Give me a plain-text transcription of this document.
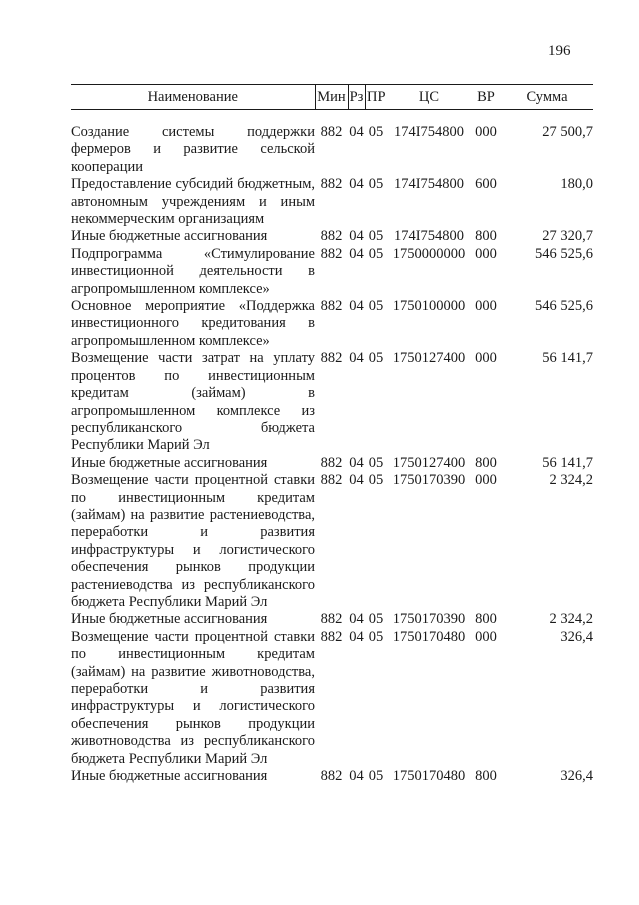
196
Наименование	Мин	Рз	ПР	ЦС	ВР	Сумма

Создание системы поддержки фермеров и развитие сельской кооперации	882	04	05	174I754800	000	27 500,7
Предоставление субсидий бюджетным, автономным учреждениям и иным некоммерческим организациям	882	04	05	174I754800	600	180,0
Иные бюджетные ассигнования	882	04	05	174I754800	800	27 320,7
Подпрограмма «Стимулирование инвестиционной деятельности в агропромышленном комплексе»	882	04	05	1750000000	000	546 525,6
Основное мероприятие «Поддержка инвестиционного кредитования в агропромышленном комплексе»	882	04	05	1750100000	000	546 525,6
Возмещение части затрат на уплату процентов по инвестиционным кредитам (займам) в агропромышленном комплексе из республиканского бюджета Республики Марий Эл	882	04	05	1750127400	000	56 141,7
Иные бюджетные ассигнования	882	04	05	1750127400	800	56 141,7
Возмещение части процентной ставки по инвестиционным кредитам (займам) на развитие растениеводства, переработки и развития инфраструктуры и логистического обеспечения рынков продукции растениеводства из республиканского бюджета Республики Марий Эл	882	04	05	1750170390	000	2 324,2
Иные бюджетные ассигнования	882	04	05	1750170390	800	2 324,2
Возмещение части процентной ставки по инвестиционным кредитам (займам) на развитие животноводства, переработки и развития инфраструктуры и логистического обеспечения рынков продукции животноводства из республиканского бюджета Республики Марий Эл	882	04	05	1750170480	000	326,4
Иные бюджетные ассигнования	882	04	05	1750170480	800	326,4
